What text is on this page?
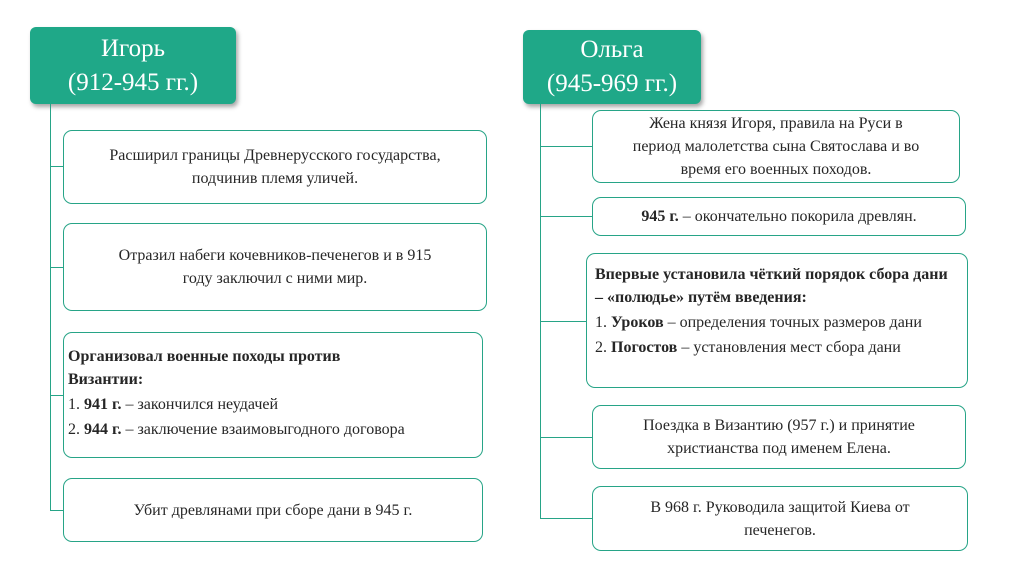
Игорь
(912-945 гг.)
Расширил границы Древнерусского государства,
подчинив племя уличей.
Отразил набеги кочевников-печенегов и в 915
году заключил с ними мир.
Организовал военные походы против Византии:
1. 941 г. – закончился неудачей
2. 944 г. – заключение взаимовыгодного договора
Убит древлянами при сборе дани в 945 г.
Ольга
(945-969 гг.)
Жена князя Игоря, правила на Руси в
период малолетства сына Святослава и во
время его военных походов.
945 г. – окончательно покорила древлян.
Впервые установила чёткий порядок сбора дани – «полюдье» путём введения:
1. Уроков – определения точных размеров дани
2. Погостов – установления мест сбора дани
Поездка в Византию (957 г.) и принятие
христианства под именем Елена.
В 968 г. Руководила защитой Киева от
печенегов.
